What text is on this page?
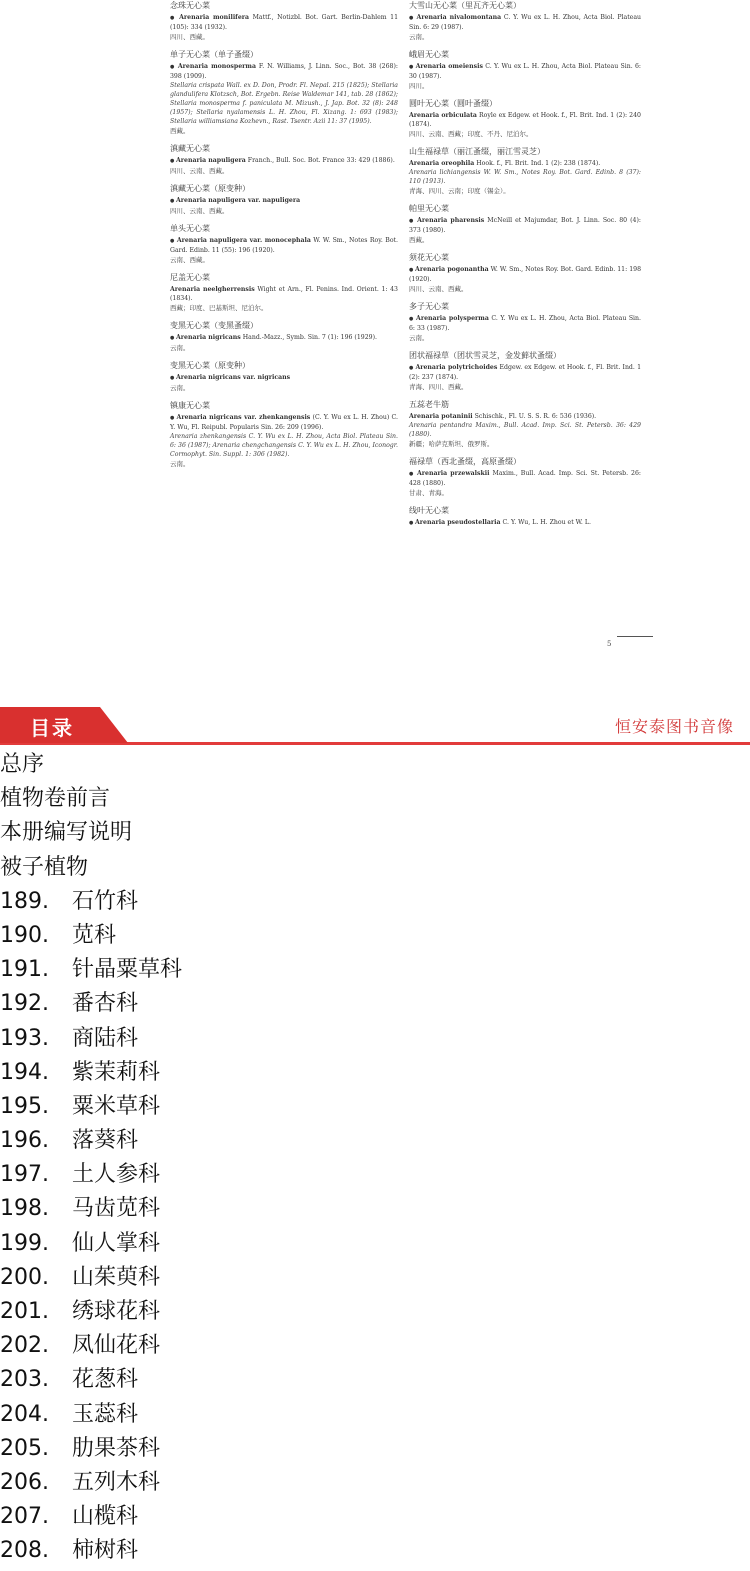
念珠无心菜

● Arenaria monilifera Mattf., Notizbl. Bot. Gart. Berlin-Dahlem 11 (105): 334 (1932).

四川、西藏。

单子无心菜（单子蚤缀）

● Arenaria monosperma F. N. Williams, J. Linn. Soc., Bot. 38 (268): 398 (1909).

Stellaria crispata Wall. ex D. Don, Prodr. Fl. Nepal. 215 (1825); Stellaria glandulifera Klotzsch, Bot. Ergebn. Reise Waldemar 141, tab. 28 (1862); Stellaria monosperma f. paniculata M. Mizush., J. Jap. Bot. 32 (8): 248 (1957); Stellaria nyalamensis L. H. Zhou, Fl. Xizang. 1: 693 (1983); Stellaria williamsiana Kozhevn., Rast. Tsentr. Azii 11: 37 (1995).

西藏。

滇藏无心菜

● Arenaria napuligera Franch., Bull. Soc. Bot. France 33: 429 (1886).

四川、云南、西藏。

滇藏无心菜（原变种）

● Arenaria napuligera var. napuligera

四川、云南、西藏。

单头无心菜

● Arenaria napuligera var. monocephala W. W. Sm., Notes Roy. Bot. Gard. Edinb. 11 (55): 196 (1920).

云南、西藏。

尼盖无心菜

Arenaria neelgherrensis Wight et Arn., Fl. Penins. Ind. Orient. 1: 43 (1834).

西藏；印度、巴基斯坦、尼泊尔。

变黑无心菜（变黑蚤缀）

● Arenaria nigricans Hand.-Mazz., Symb. Sin. 7 (1): 196 (1929).

云南。

变黑无心菜（原变种）

● Arenaria nigricans var. nigricans

云南。

镇康无心菜

● Arenaria nigricans var. zhenkangensis (C. Y. Wu ex L. H. Zhou) C. Y. Wu, Fl. Reipubl. Popularis Sin. 26: 209 (1996).

Arenaria zhenkangensis C. Y. Wu ex L. H. Zhou, Acta Biol. Plateau Sin. 6: 36 (1987); Arenaria chengchangensis C. Y. Wu ex L. H. Zhou, Iconogr. Cormophyt. Sin. Suppl. 1: 306 (1982).

云南。

大雪山无心菜（里瓦齐无心菜）

● Arenaria nivalomontana C. Y. Wu ex L. H. Zhou, Acta Biol. Plateau Sin. 6: 29 (1987).

云南。

峨眉无心菜

● Arenaria omeiensis C. Y. Wu ex L. H. Zhou, Acta Biol. Plateau Sin. 6: 30 (1987).

四川。

圆叶无心菜（圆叶蚤缀）

Arenaria orbiculata Royle ex Edgew. et Hook. f., Fl. Brit. Ind. 1 (2): 240 (1874).

四川、云南、西藏；印度、不丹、尼泊尔。

山生福禄草（丽江蚤缀，丽江雪灵芝）

Arenaria oreophila Hook. f., Fl. Brit. Ind. 1 (2): 238 (1874).

Arenaria lichiangensis W. W. Sm., Notes Roy. Bot. Gard. Edinb. 8 (37): 110 (1913).

青海、四川、云南；印度（锡金）。

帕里无心菜

● Arenaria pharensis McNeill et Majumdar, Bot. J. Linn. Soc. 80 (4): 373 (1980).

西藏。

须花无心菜

● Arenaria pogonantha W. W. Sm., Notes Roy. Bot. Gard. Edinb. 11: 198 (1920).

四川、云南、西藏。

多子无心菜

● Arenaria polysperma C. Y. Wu ex L. H. Zhou, Acta Biol. Plateau Sin. 6: 33 (1987).

云南。

团状福禄草（团状雪灵芝，金发藓状蚤缀）

● Arenaria polytrichoides Edgew. ex Edgew. et Hook. f., Fl. Brit. Ind. 1 (2): 237 (1874).

青海、四川、西藏。

五蕊老牛筋

Arenaria potaninii Schischk., Fl. U. S. S. R. 6: 536 (1936).

Arenaria pentandra Maxim., Bull. Acad. Imp. Sci. St. Petersb. 36: 429 (1880).

新疆；哈萨克斯坦、俄罗斯。

福禄草（西北蚤缀，高原蚤缀）

● Arenaria przewalskii Maxim., Bull. Acad. Imp. Sci. St. Petersb. 26: 428 (1880).

甘肃、青海。

线叶无心菜

● Arenaria pseudostellaria C. Y. Wu, L. H. Zhou et W. L.

5
目录	恒安泰图书音像
总序
植物卷前言
本册编写说明
被子植物
189. 石竹科
190. 苋科
191. 针晶粟草科
192. 番杏科
193. 商陆科
194. 紫茉莉科
195. 粟米草科
196. 落葵科
197. 土人参科
198. 马齿苋科
199. 仙人掌科
200. 山茱萸科
201. 绣球花科
202. 凤仙花科
203. 花葱科
204. 玉蕊科
205. 肋果茶科
206. 五列木科
207. 山榄科
208. 柿树科
